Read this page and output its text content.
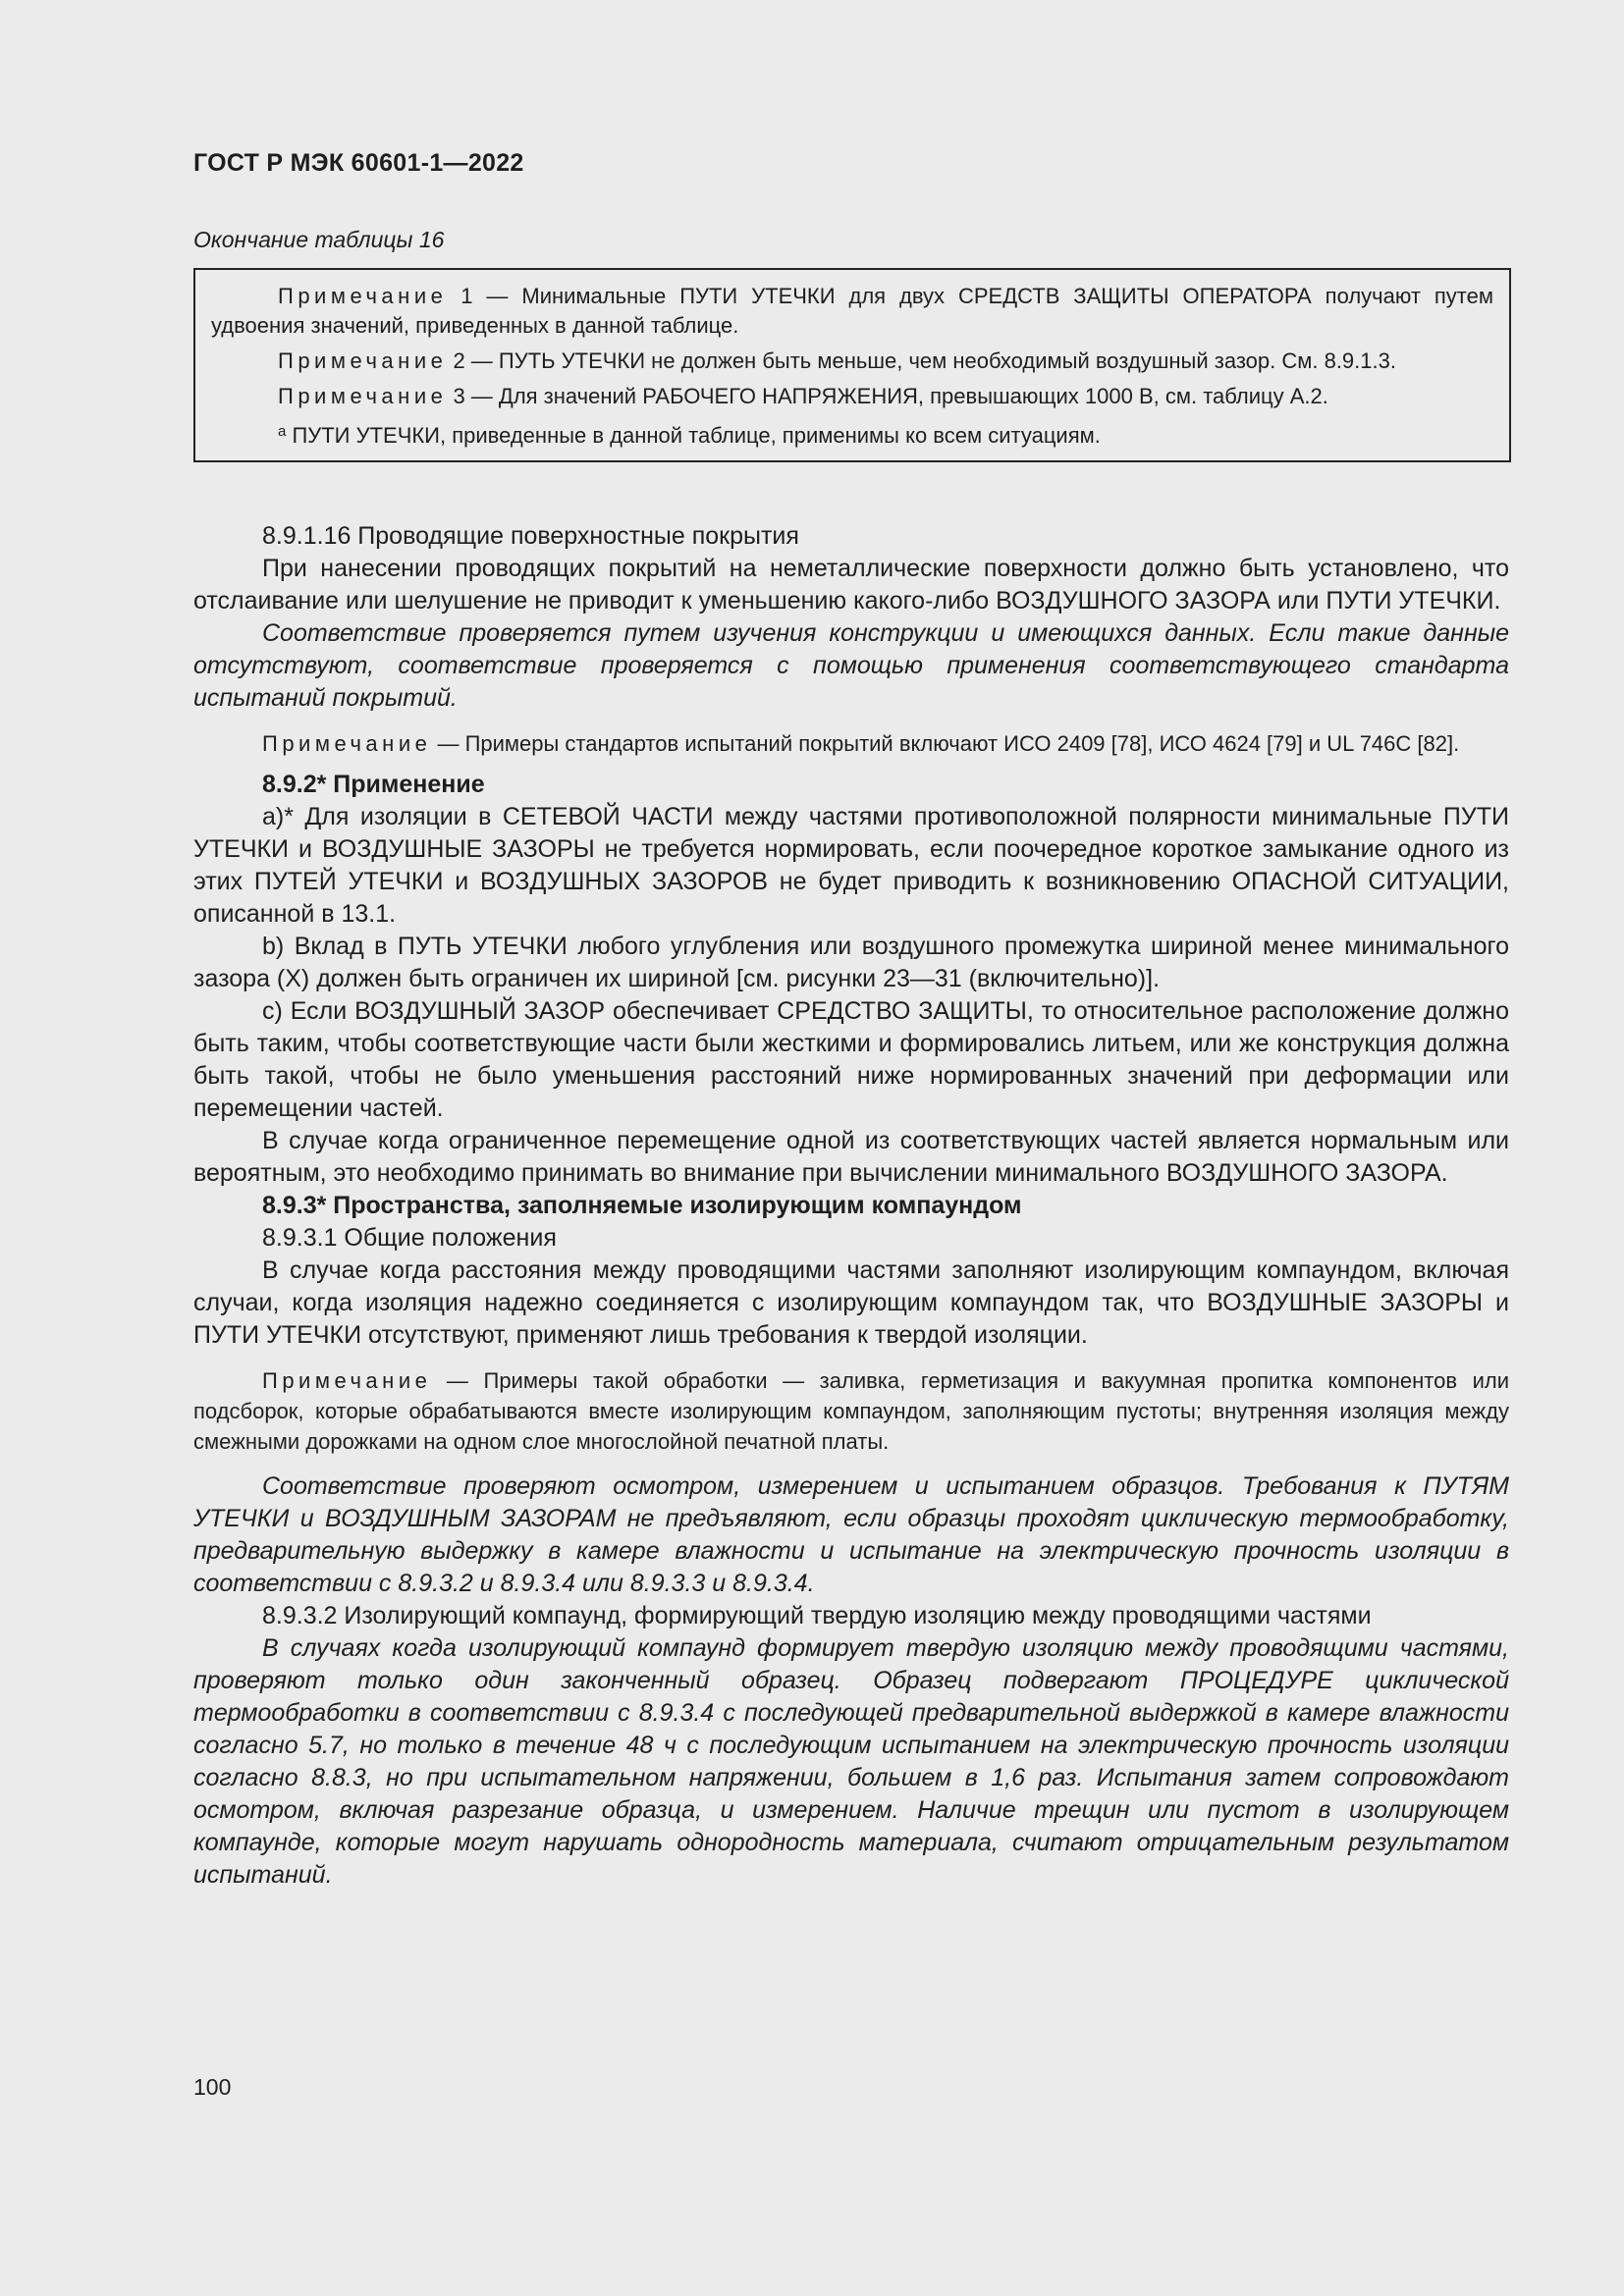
ГОСТ Р МЭК 60601-1—2022
Окончание таблицы 16

Примечание 1 — Минимальные ПУТИ УТЕЧКИ для двух СРЕДСТВ ЗАЩИТЫ ОПЕРАТОРА получают путем удвоения значений, приведенных в данной таблице.

Примечание 2 — ПУТЬ УТЕЧКИ не должен быть меньше, чем необходимый воздушный зазор. См. 8.9.1.3.

Примечание 3 — Для значений РАБОЧЕГО НАПРЯЖЕНИЯ, превышающих 1000 В, см. таблицу А.2.

$^a$ ПУТИ УТЕЧКИ, приведенные в данной таблице, применимы ко всем ситуациям.

8.9.1.16 Проводящие поверхностные покрытия

При нанесении проводящих покрытий на неметаллические поверхности должно быть установлено, что отслаивание или шелушение не приводит к уменьшению какого-либо ВОЗДУШНОГО ЗАЗОРА или ПУТИ УТЕЧКИ.

Соответствие проверяется путем изучения конструкции и имеющихся данных. Если такие данные отсутствуют, соответствие проверяется с помощью применения соответствующего стандарта испытаний покрытий.

Примечание — Примеры стандартов испытаний покрытий включают ИСО 2409 [78], ИСО 4624 [79] и UL 746C [82].

8.9.2* Применение

a)* Для изоляции в СЕТЕВОЙ ЧАСТИ между частями противоположной полярности минимальные ПУТИ УТЕЧКИ и ВОЗДУШНЫЕ ЗАЗОРЫ не требуется нормировать, если поочередное короткое замыкание одного из этих ПУТЕЙ УТЕЧКИ и ВОЗДУШНЫХ ЗАЗОРОВ не будет приводить к возникновению ОПАСНОЙ СИТУАЦИИ, описанной в 13.1.

b) Вклад в ПУТЬ УТЕЧКИ любого углубления или воздушного промежутка шириной менее минимального зазора (X) должен быть ограничен их шириной [см. рисунки 23—31 (включительно)].

c) Если ВОЗДУШНЫЙ ЗАЗОР обеспечивает СРЕДСТВО ЗАЩИТЫ, то относительное расположение должно быть таким, чтобы соответствующие части были жесткими и формировались литьем, или же конструкция должна быть такой, чтобы не было уменьшения расстояний ниже нормированных значений при деформации или перемещении частей.

В случае когда ограниченное перемещение одной из соответствующих частей является нормальным или вероятным, это необходимо принимать во внимание при вычислении минимального ВОЗДУШНОГО ЗАЗОРА.

8.9.3* Пространства, заполняемые изолирующим компаундом

8.9.3.1 Общие положения

В случае когда расстояния между проводящими частями заполняют изолирующим компаундом, включая случаи, когда изоляция надежно соединяется с изолирующим компаундом так, что ВОЗДУШНЫЕ ЗАЗОРЫ и ПУТИ УТЕЧКИ отсутствуют, применяют лишь требования к твердой изоляции.

Примечание — Примеры такой обработки — заливка, герметизация и вакуумная пропитка компонентов или подсборок, которые обрабатываются вместе изолирующим компаундом, заполняющим пустоты; внутренняя изоляция между смежными дорожками на одном слое многослойной печатной платы.

Соответствие проверяют осмотром, измерением и испытанием образцов. Требования к ПУТЯМ УТЕЧКИ и ВОЗДУШНЫМ ЗАЗОРАМ не предъявляют, если образцы проходят циклическую термообработку, предварительную выдержку в камере влажности и испытание на электрическую прочность изоляции в соответствии с 8.9.3.2 и 8.9.3.4 или 8.9.3.3 и 8.9.3.4.

8.9.3.2 Изолирующий компаунд, формирующий твердую изоляцию между проводящими частями

В случаях когда изолирующий компаунд формирует твердую изоляцию между проводящими частями, проверяют только один законченный образец. Образец подвергают ПРОЦЕДУРЕ циклической термообработки в соответствии с 8.9.3.4 с последующей предварительной выдержкой в камере влажности согласно 5.7, но только в течение 48 ч с последующим испытанием на электрическую прочность изоляции согласно 8.8.3, но при испытательном напряжении, большем в 1,6 раз. Испытания затем сопровождают осмотром, включая разрезание образца, и измерением. Наличие трещин или пустот в изолирующем компаунде, которые могут нарушать однородность материала, считают отрицательным результатом испытаний.

100
